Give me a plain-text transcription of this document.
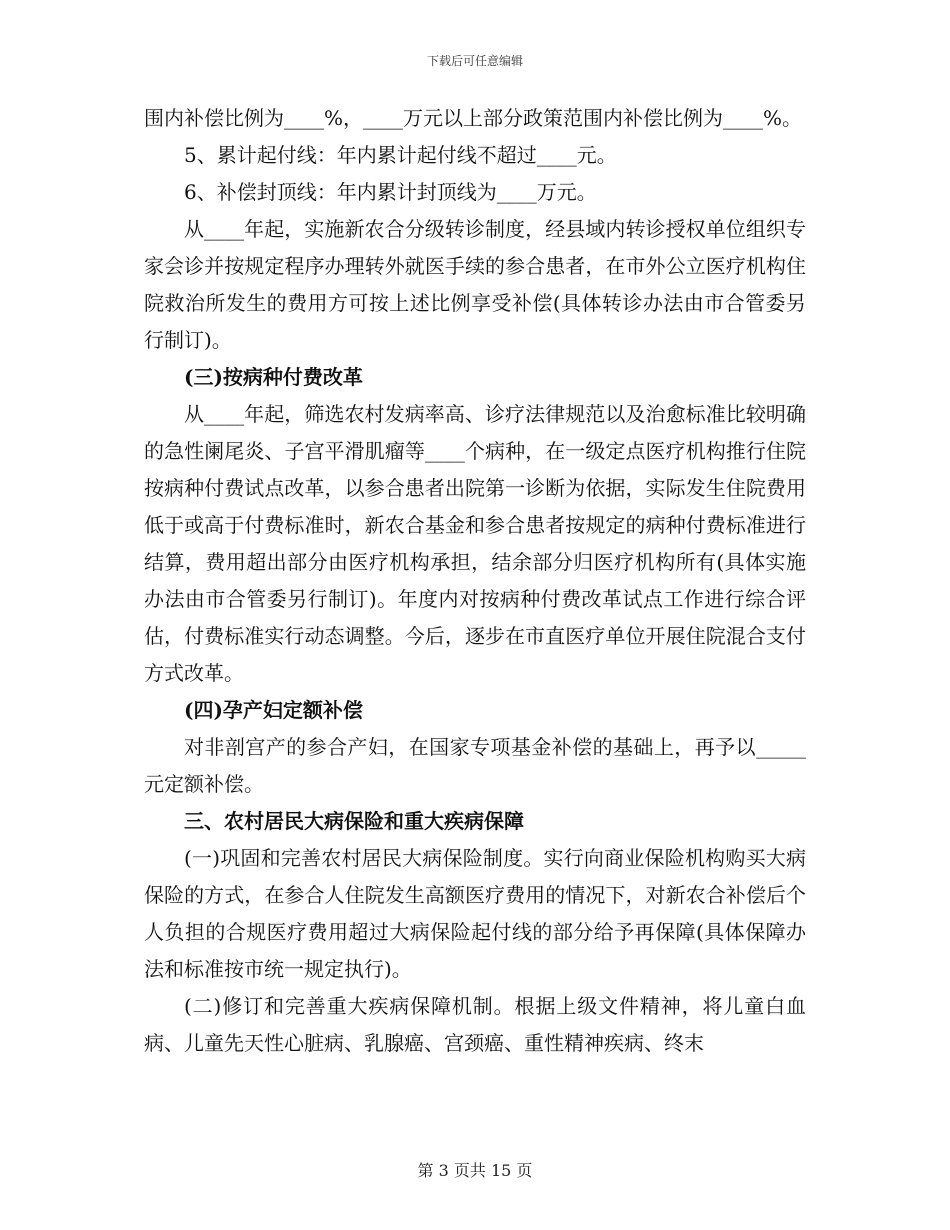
下载后可任意编辑

围内补偿比例为____%，____万元以上部分政策范围内补偿比例为____%。

5、累计起付线：年内累计起付线不超过____元。

6、补偿封顶线：年内累计封顶线为____万元。

从____年起，实施新农合分级转诊制度，经县域内转诊授权单位组织专家会诊并按规定程序办理转外就医手续的参合患者，在市外公立医疗机构住院救治所发生的费用方可按上述比例享受补偿(具体转诊办法由市合管委另行制订)。

(三)按病种付费改革

从____年起，筛选农村发病率高、诊疗法律规范以及治愈标准比较明确的急性阑尾炎、子宫平滑肌瘤等____个病种，在一级定点医疗机构推行住院按病种付费试点改革，以参合患者出院第一诊断为依据，实际发生住院费用低于或高于付费标准时，新农合基金和参合患者按规定的病种付费标准进行结算，费用超出部分由医疗机构承担，结余部分归医疗机构所有(具体实施办法由市合管委另行制订)。年度内对按病种付费改革试点工作进行综合评估，付费标准实行动态调整。今后，逐步在市直医疗单位开展住院混合支付方式改革。

(四)孕产妇定额补偿

对非剖宫产的参合产妇，在国家专项基金补偿的基础上，再予以_____元定额补偿。

三、农村居民大病保险和重大疾病保障

(一)巩固和完善农村居民大病保险制度。实行向商业保险机构购买大病保险的方式，在参合人住院发生高额医疗费用的情况下，对新农合补偿后个人负担的合规医疗费用超过大病保险起付线的部分给予再保障(具体保障办法和标准按市统一规定执行)。

(二)修订和完善重大疾病保障机制。根据上级文件精神，将儿童白血病、儿童先天性心脏病、乳腺癌、宫颈癌、重性精神疾病、终末

第 3 页共 15 页
